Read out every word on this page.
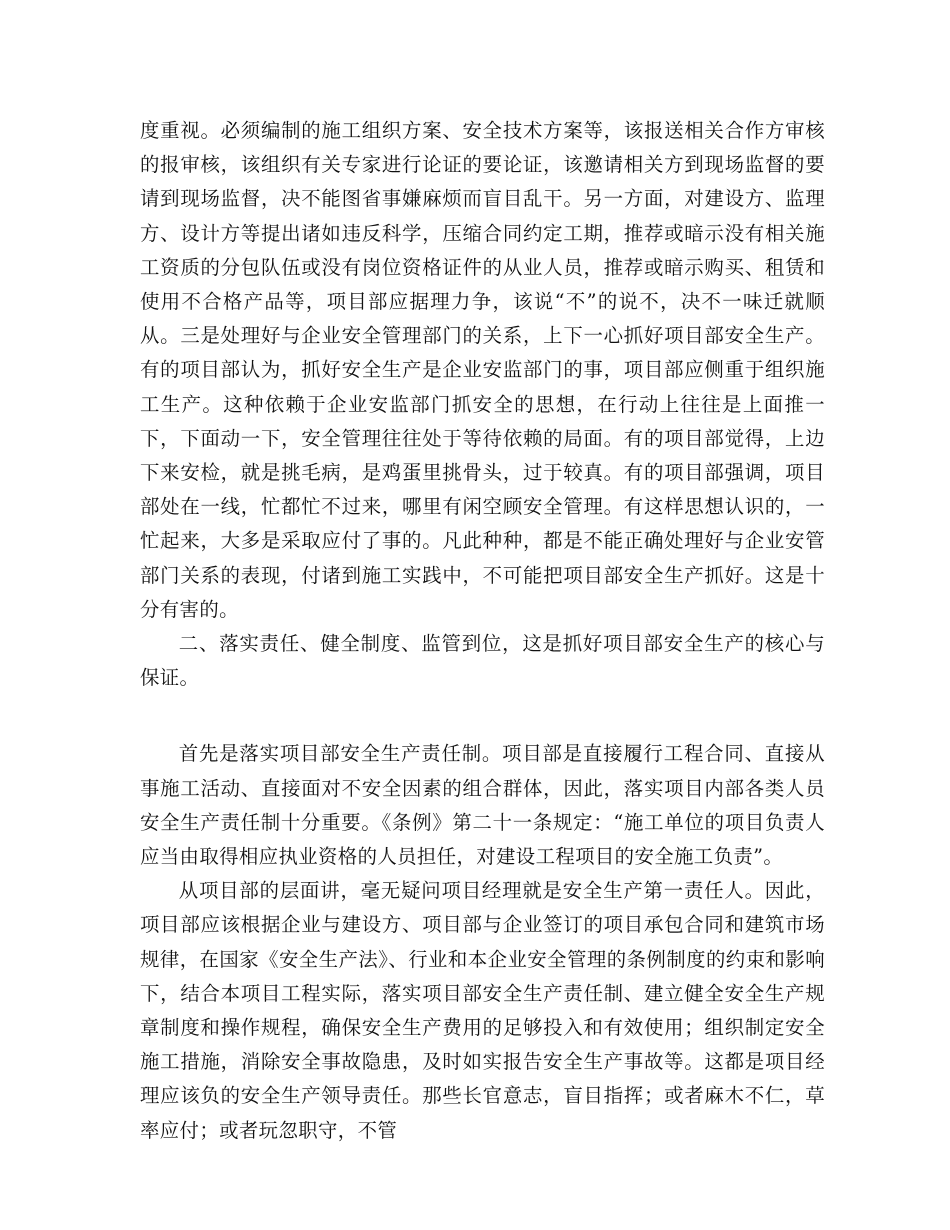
度重视。必须编制的施工组织方案、安全技术方案等，该报送相关合作方审核的报审核，该组织有关专家进行论证的要论证，该邀请相关方到现场监督的要请到现场监督，决不能图省事嫌麻烦而盲目乱干。另一方面，对建设方、监理方、设计方等提出诸如违反科学，压缩合同约定工期，推荐或暗示没有相关施工资质的分包队伍或没有岗位资格证件的从业人员，推荐或暗示购买、租赁和使用不合格产品等，项目部应据理力争，该说“不”的说不，决不一味迁就顺从。三是处理好与企业安全管理部门的关系，上下一心抓好项目部安全生产。有的项目部认为，抓好安全生产是企业安监部门的事，项目部应侧重于组织施工生产。这种依赖于企业安监部门抓安全的思想，在行动上往往是上面推一下，下面动一下，安全管理往往处于等待依赖的局面。有的项目部觉得，上边下来安检，就是挑毛病，是鸡蛋里挑骨头，过于较真。有的项目部强调，项目部处在一线，忙都忙不过来，哪里有闲空顾安全管理。有这样思想认识的，一忙起来，大多是采取应付了事的。凡此种种，都是不能正确处理好与企业安管部门关系的表现，付诸到施工实践中，不可能把项目部安全生产抓好。这是十分有害的。

二、落实责任、健全制度、监管到位，这是抓好项目部安全生产的核心与保证。

首先是落实项目部安全生产责任制。项目部是直接履行工程合同、直接从事施工活动、直接面对不安全因素的组合群体，因此，落实项目内部各类人员安全生产责任制十分重要。《条例》第二十一条规定：“施工单位的项目负责人应当由取得相应执业资格的人员担任，对建设工程项目的安全施工负责”。

从项目部的层面讲，毫无疑问项目经理就是安全生产第一责任人。因此，项目部应该根据企业与建设方、项目部与企业签订的项目承包合同和建筑市场规律，在国家《安全生产法》、行业和本企业安全管理的条例制度的约束和影响下，结合本项目工程实际，落实项目部安全生产责任制、建立健全安全生产规章制度和操作规程，确保安全生产费用的足够投入和有效使用；组织制定安全施工措施，消除安全事故隐患，及时如实报告安全生产事故等。这都是项目经理应该负的安全生产领导责任。那些长官意志，盲目指挥；或者麻木不仁，草率应付；或者玩忽职守，不管
